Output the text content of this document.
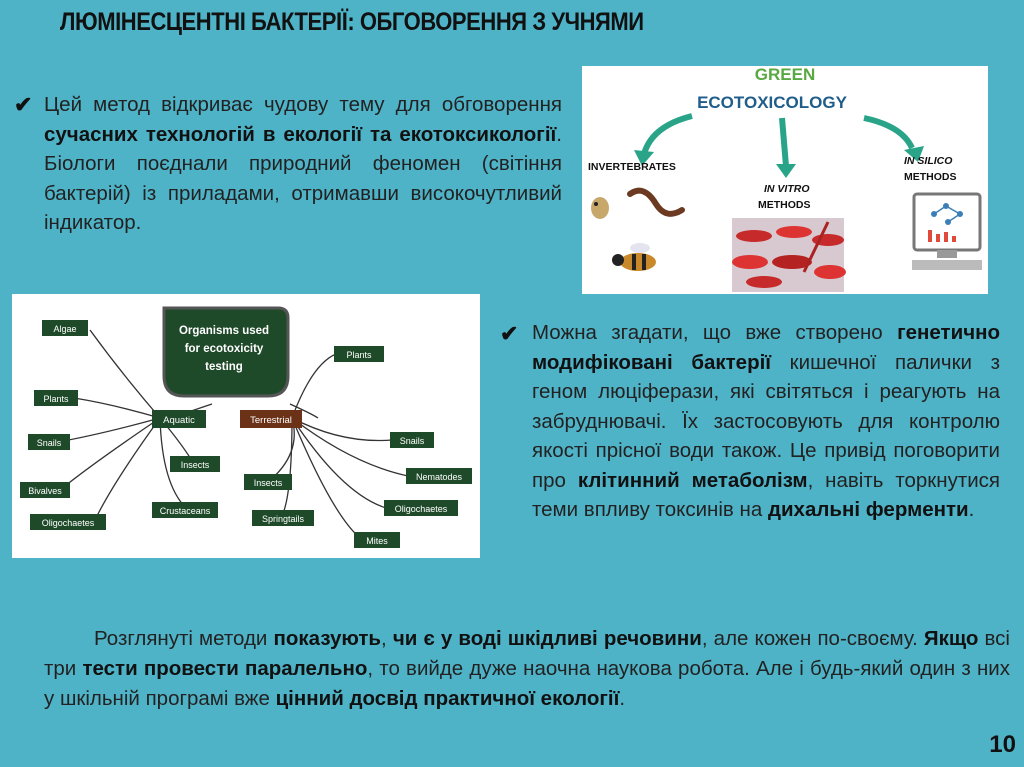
ЛЮМІНЕСЦЕНТНІ БАКТЕРІЇ: ОБГОВОРЕННЯ З УЧНЯМИ
✔ Цей метод відкриває чудову тему для обговорення сучасних технологій в екології та екотоксикології. Біологи поєднали природний феномен (світіння бактерій) із приладами, отримавши високочутливий індикатор.
GREEN
ECOTOXICOLOGY
INVERTEBRATES
IN VITRO
METHODS
IN SILICO
METHODS
Organisms used
for ecotoxicity
testing
Aquatic	Terrestrial
Algae
Plants
Snails
Bivalves
Oligochaetes
Insects
Crustaceans
Plants
Snails
Nematodes
Insects
Oligochaetes
Springtails
Mites
✔ Можна згадати, що вже створено генетично модифіковані бактерії кишечної палички з геном люціферази, які світяться і реагують на забруднювачі. Їх застосовують для контролю якості прісної води також. Це привід поговорити про клітинний метаболізм, навіть торкнутися теми впливу токсинів на дихальні ферменти.
Розглянуті методи показують, чи є у воді шкідливі речовини, але кожен по-своєму. Якщо всі три тести провести паралельно, то вийде дуже наочна наукова робота. Але і будь-який один з них у шкільній програмі вже цінний досвід практичної екології.
10
